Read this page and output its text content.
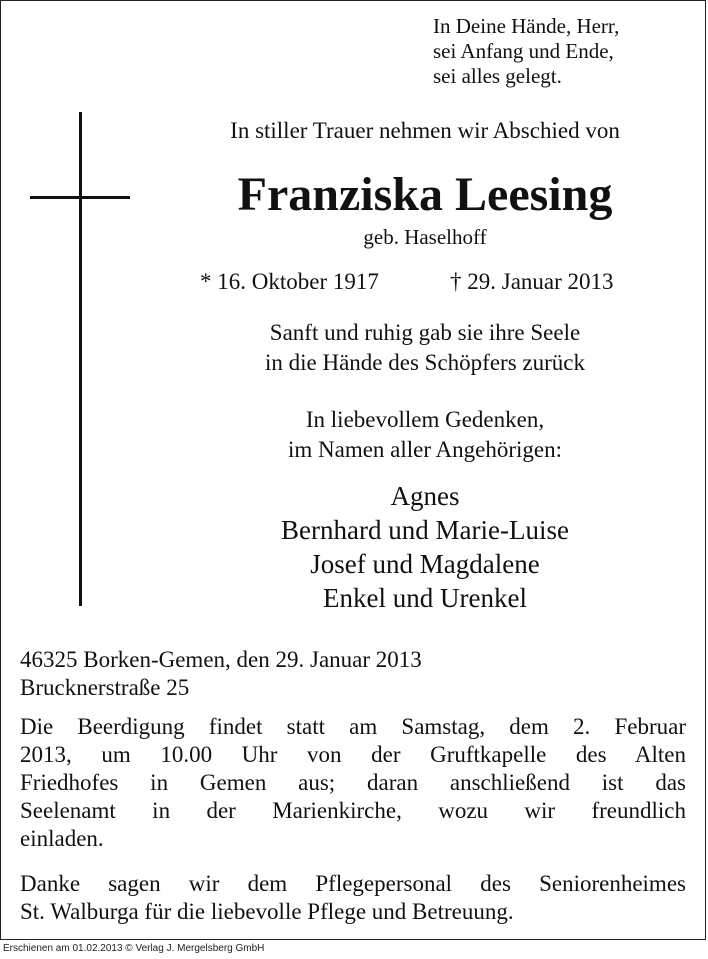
In Deine Hände, Herr,
sei Anfang und Ende,
sei alles gelegt.
In stiller Trauer nehmen wir Abschied von
Franziska Leesing
geb. Haselhoff
* 16. Oktober 1917	† 29. Januar 2013
Sanft und ruhig gab sie ihre Seele
in die Hände des Schöpfers zurück
In liebevollem Gedenken,
im Namen aller Angehörigen:
Agnes
Bernhard und Marie-Luise
Josef und Magdalene
Enkel und Urenkel
46325 Borken-Gemen, den 29. Januar 2013
Brucknerstraße 25
Die Beerdigung findet statt am Samstag, dem 2. Februar
2013, um 10.00 Uhr von der Gruftkapelle des Alten
Friedhofes in Gemen aus; daran anschließend ist das
Seelenamt in der Marienkirche, wozu wir freundlich
einladen.
Danke sagen wir dem Pflegepersonal des Seniorenheimes
St. Walburga für die liebevolle Pflege und Betreuung.
Erschienen am 01.02.2013 © Verlag J. Mergelsberg GmbH
